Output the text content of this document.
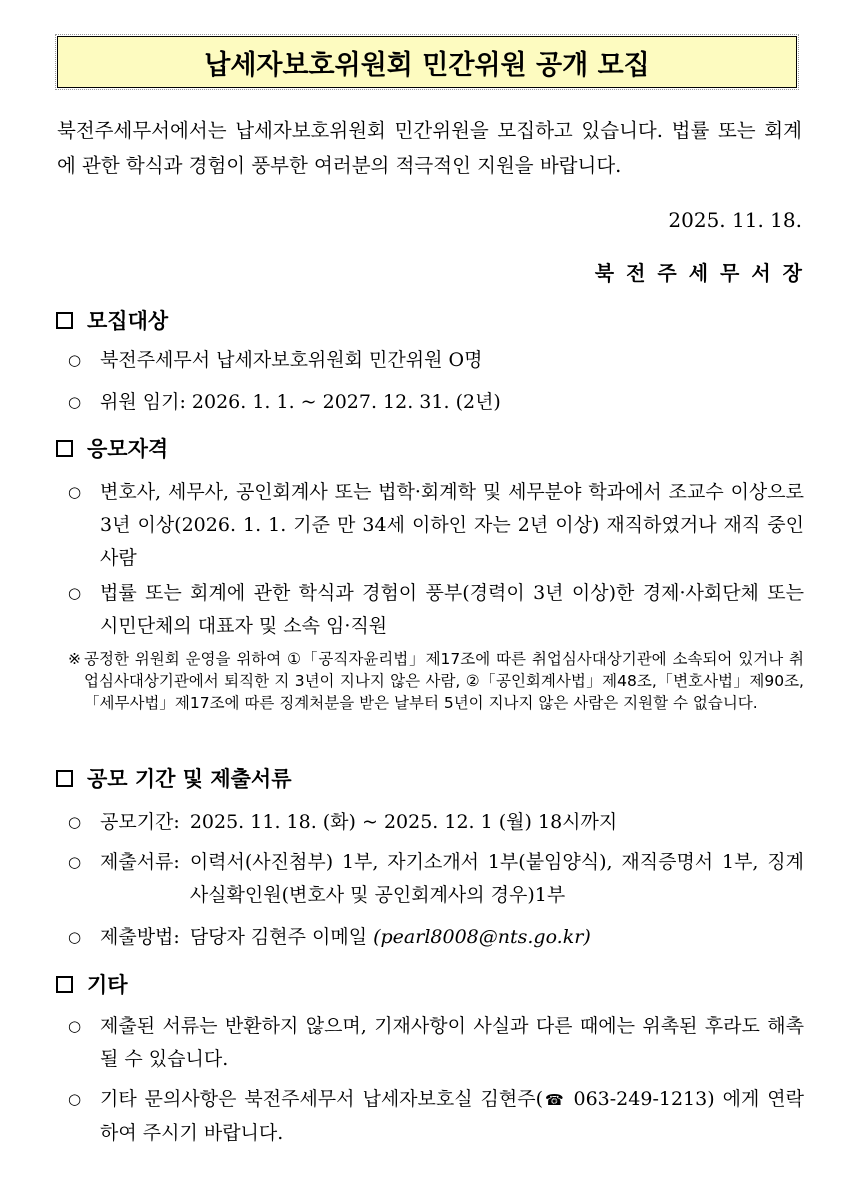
납세자보호위원회 민간위원 공개 모집
북전주세무서에서는 납세자보호위원회 민간위원을 모집하고 있습니다. 법률 또는 회계에 관한 학식과 경험이 풍부한 여러분의 적극적인 지원을 바랍니다.
2025. 11. 18.
북전주세무서장
모집대상
○ 북전주세무서 납세자보호위원회 민간위원 O명
○ 위원 임기: 2026. 1. 1. ~ 2027. 12. 31. (2년)
응모자격
○ 변호사, 세무사, 공인회계사 또는 법학·회계학 및 세무분야 학과에서 조교수 이상으로 3년 이상(2026. 1. 1. 기준 만 34세 이하인 자는 2년 이상) 재직하였거나 재직 중인 사람
○ 법률 또는 회계에 관한 학식과 경험이 풍부(경력이 3년 이상)한 경제·사회단체 또는 시민단체의 대표자 및 소속 임·직원
※ 공정한 위원회 운영을 위하여 ①「공직자윤리법」제17조에 따른 취업심사대상기관에 소속되어 있거나 취업심사대상기관에서 퇴직한 지 3년이 지나지 않은 사람, ②「공인회계사법」제48조,「변호사법」제90조,「세무사법」제17조에 따른 징계처분을 받은 날부터 5년이 지나지 않은 사람은 지원할 수 없습니다.
공모 기간 및 제출서류
○ 공모기간: 2025. 11. 18. (화) ~ 2025. 12. 1 (월) 18시까지
○ 제출서류: 이력서(사진첨부) 1부, 자기소개서 1부(붙임양식), 재직증명서 1부, 징계사실확인원(변호사 및 공인회계사의 경우)1부
○ 제출방법: 담당자 김현주 이메일 (pearl8008@nts.go.kr)
기타
○ 제출된 서류는 반환하지 않으며, 기재사항이 사실과 다른 때에는 위촉된 후라도 해촉될 수 있습니다.
○ 기타 문의사항은 북전주세무서 납세자보호실 김현주(☎ 063-249-1213) 에게 연락하여 주시기 바랍니다.
